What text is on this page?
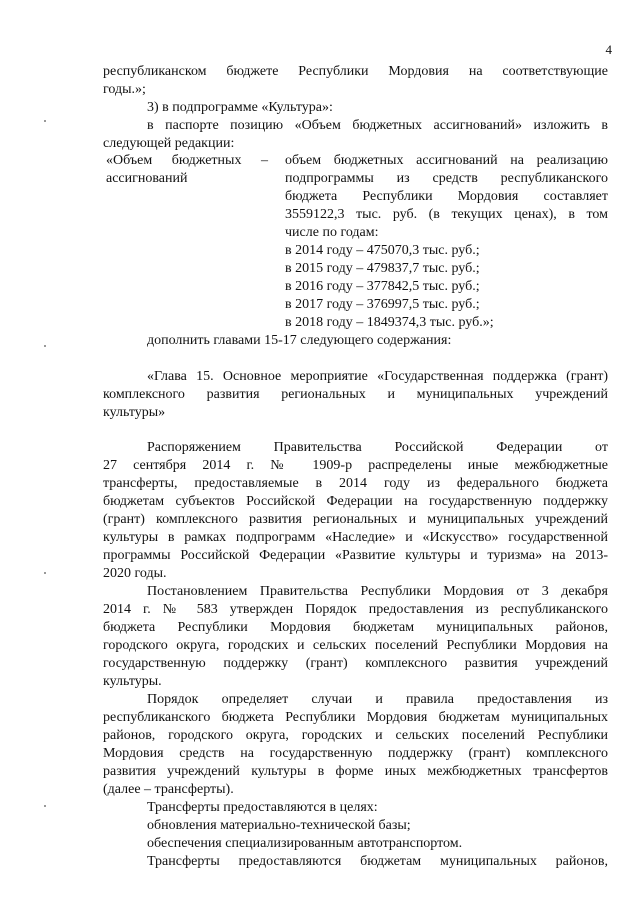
4
республиканском бюджете Республики Мордовия на соответствующие
годы.»;
3) в подпрограмме «Культура»:
в паспорте позицию «Объем бюджетных ассигнований» изложить в
следующей редакции:
«Объем бюджетных –
ассигнований
объем бюджетных ассигнований на реализацию
подпрограммы из средств республиканского
бюджета Республики Мордовия составляет
3559122,3 тыс. руб. (в текущих ценах), в том
числе по годам:
в 2014 году – 475070,3 тыс. руб.;
в 2015 году – 479837,7 тыс. руб.;
в 2016 году – 377842,5 тыс. руб.;
в 2017 году – 376997,5 тыс. руб.;
в 2018 году – 1849374,3 тыс. руб.»;
дополнить главами 15-17 следующего содержания:
«Глава 15. Основное мероприятие «Государственная поддержка (грант)
комплексного развития региональных и муниципальных учреждений
культуры»
Распоряжением Правительства Российской Федерации от
27 сентября 2014 г. № 1909-р распределены иные межбюджетные
трансферты, предоставляемые в 2014 году из федерального бюджета
бюджетам субъектов Российской Федерации на государственную поддержку
(грант) комплексного развития региональных и муниципальных учреждений
культуры в рамках подпрограмм «Наследие» и «Искусство» государственной
программы Российской Федерации «Развитие культуры и туризма» на 2013-
2020 годы.
Постановлением Правительства Республики Мордовия от 3 декабря
2014 г. № 583 утвержден Порядок предоставления из республиканского
бюджета Республики Мордовия бюджетам муниципальных районов,
городского округа, городских и сельских поселений Республики Мордовия на
государственную поддержку (грант) комплексного развития учреждений
культуры.
Порядок определяет случаи и правила предоставления из
республиканского бюджета Республики Мордовия бюджетам муниципальных
районов, городского округа, городских и сельских поселений Республики
Мордовия средств на государственную поддержку (грант) комплексного
развития учреждений культуры в форме иных межбюджетных трансфертов
(далее – трансферты).
Трансферты предоставляются в целях:
обновления материально-технической базы;
обеспечения специализированным автотранспортом.
Трансферты предоставляются бюджетам муниципальных районов,
